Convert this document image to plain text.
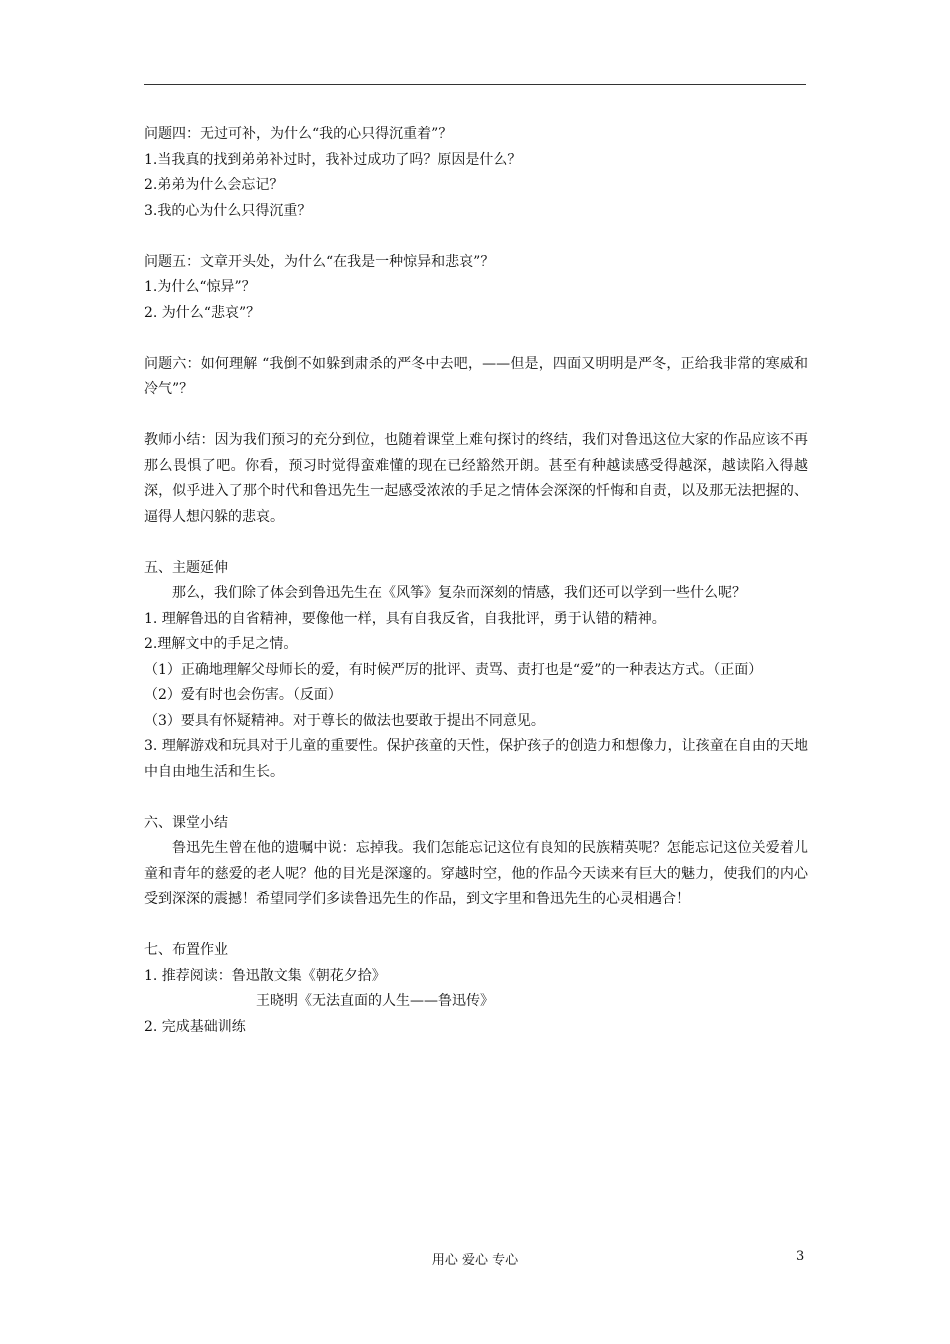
问题四：无过可补，为什么“我的心只得沉重着”？
1.当我真的找到弟弟补过时，我补过成功了吗？原因是什么？
2.弟弟为什么会忘记？
3.我的心为什么只得沉重？
问题五：文章开头处，为什么“在我是一种惊异和悲哀”？
1.为什么“惊异”？
2. 为什么“悲哀”？
问题六：如何理解 “我倒不如躲到肃杀的严冬中去吧，——但是，四面又明明是严冬，正给我非常的寒威和冷气”？
教师小结：因为我们预习的充分到位，也随着课堂上难句探讨的终结，我们对鲁迅这位大家的作品应该不再那么畏惧了吧。你看，预习时觉得蛮难懂的现在已经豁然开朗。甚至有种越读感受得越深，越读陷入得越深，似乎进入了那个时代和鲁迅先生一起感受浓浓的手足之情体会深深的忏悔和自责，以及那无法把握的、逼得人想闪躲的悲哀。
五、主题延伸
那么，我们除了体会到鲁迅先生在《风筝》复杂而深刻的情感，我们还可以学到一些什么呢？
1. 理解鲁迅的自省精神，要像他一样，具有自我反省，自我批评，勇于认错的精神。
2.理解文中的手足之情。
（1）正确地理解父母师长的爱，有时候严厉的批评、责骂、责打也是“爱”的一种表达方式。（正面）
（2）爱有时也会伤害。（反面）
（3）要具有怀疑精神。对于尊长的做法也要敢于提出不同意见。
3. 理解游戏和玩具对于儿童的重要性。保护孩童的天性，保护孩子的创造力和想像力，让孩童在自由的天地中自由地生活和生长。
六、课堂小结
鲁迅先生曾在他的遗嘱中说：忘掉我。我们怎能忘记这位有良知的民族精英呢？怎能忘记这位关爱着儿童和青年的慈爱的老人呢？他的目光是深邃的。穿越时空，他的作品今天读来有巨大的魅力，使我们的内心受到深深的震撼！希望同学们多读鲁迅先生的作品，到文字里和鲁迅先生的心灵相遇合！
七、布置作业
1. 推荐阅读：鲁迅散文集《朝花夕拾》
王晓明《无法直面的人生——鲁迅传》
2. 完成基础训练
用心 爱心 专心	3
